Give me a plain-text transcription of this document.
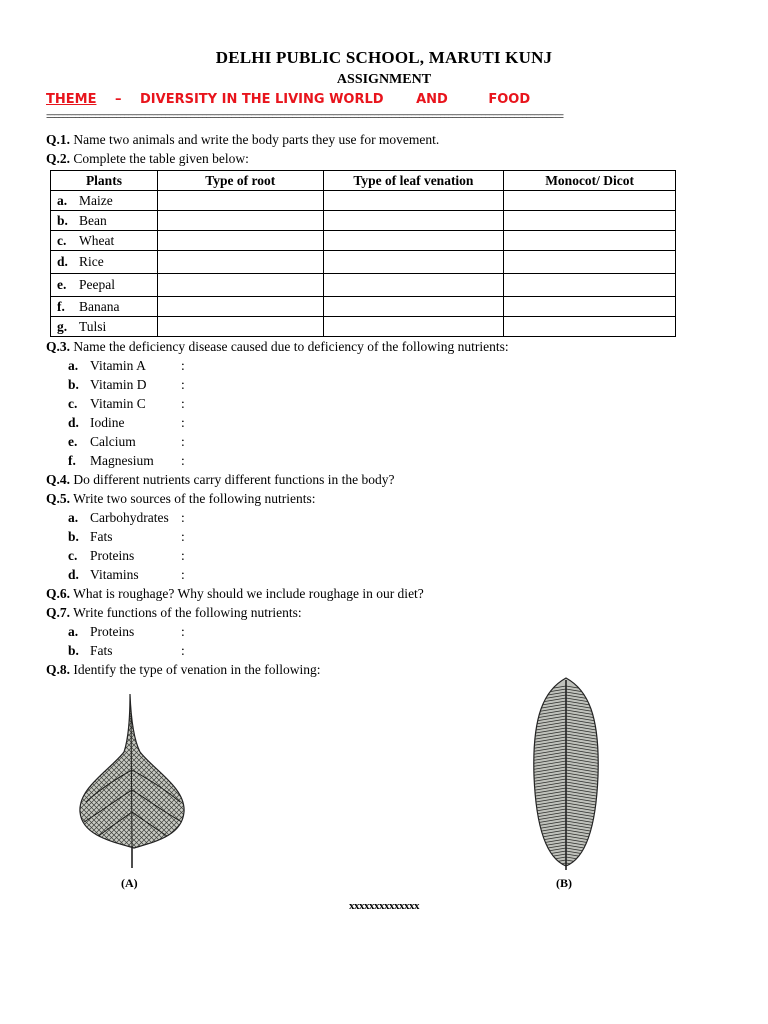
DELHI PUBLIC SCHOOL, MARUTI KUNJ
ASSIGNMENT
THEME – DIVERSITY IN THE LIVING WORLD	AND	FOOD
==============================================================================================================================
Q.1. Name two animals and write the body parts they use for movement.
Q.2. Complete the table given below:
Plants	Type of root	Type of leaf venation	Monocot/ Dicot
a. Maize			
b. Bean			
c. Wheat			
d. Rice			
e. Peepal			
f. Banana			
g. Tulsi			
Q.3. Name the deficiency disease caused due to deficiency of the following nutrients:
a. Vitamin A	:
b. Vitamin D	:
c. Vitamin C	:
d. Iodine	:
e. Calcium	:
f. Magnesium :
Q.4. Do different nutrients carry different functions in the body?
Q.5. Write two sources of the following nutrients:
a. Carbohydrates :
b. Fats	:
c. Proteins	:
d. Vitamins	:
Q.6. What is roughage? Why should we include roughage in our diet?
Q.7. Write functions of the following nutrients:
a. Proteins	:
b. Fats	:
Q.8. Identify the type of venation in the following:
(A)	(B)
xxxxxxxxxxxxxx
